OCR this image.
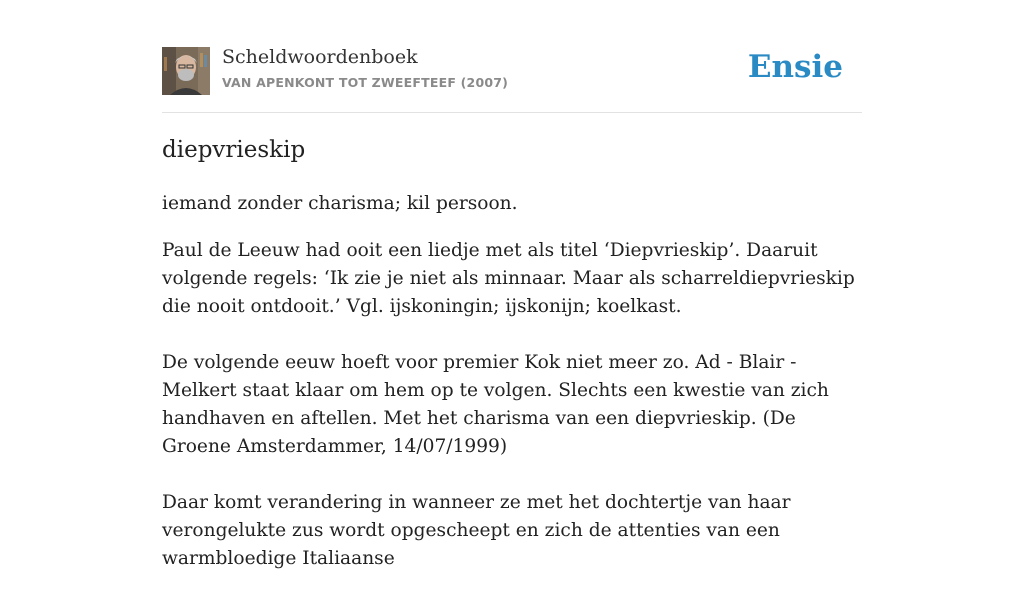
Scheldwoordenboek
VAN APENKONT TOT ZWEEFTEEF (2007)	Ensie
diepvrieskip

iemand zonder charisma; kil persoon.

Paul de Leeuw had ooit een liedje met als titel ‘Diepvrieskip’. Daaruit volgende regels: ‘Ik zie je niet als minnaar. Maar als scharreldiepvrieskip die nooit ontdooit.’ Vgl. ijskoningin; ijskonijn; koelkast.

De volgende eeuw hoeft voor premier Kok niet meer zo. Ad - Blair - Melkert staat klaar om hem op te volgen. Slechts een kwestie van zich handhaven en aftellen. Met het charisma van een diepvrieskip. (De Groene Amsterdammer, 14/07/1999)

Daar komt verandering in wanneer ze met het dochtertje van haar verongelukte zus wordt opgescheept en zich de attenties van een warmbloedige Italiaanse
